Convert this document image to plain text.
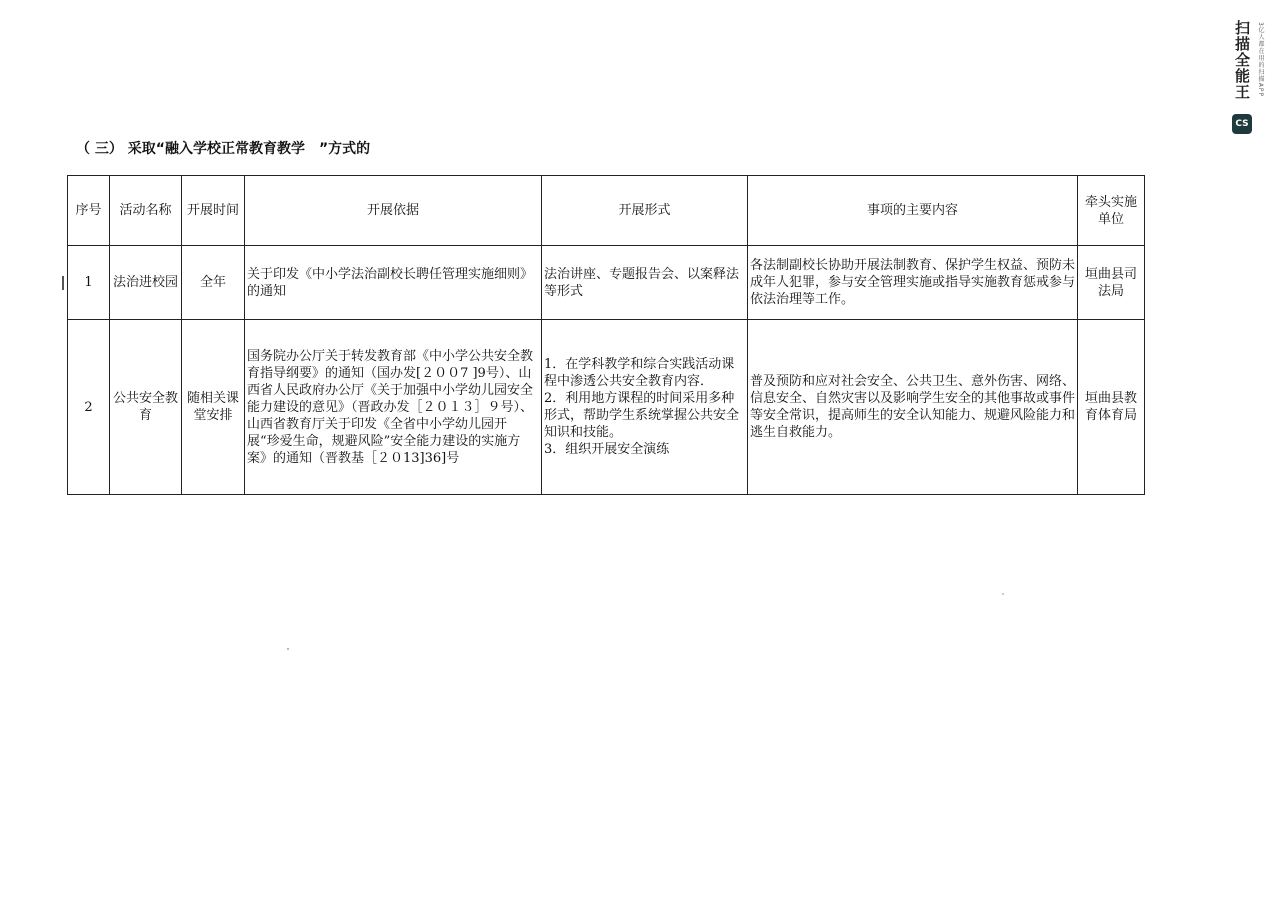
扫描全能王	3亿人都在用的扫描APP
CS
（ 三） 采取“融入学校正常教育教学　”方式的
序号	活动名称	开展时间	开展依据	开展形式	事项的主要内容	牵头实施单位
1	法治进校园	全年	关于印发《中小学法治副校长聘任管理实施细则》的通知	法治讲座、专题报告会、以案释法等形式	各法制副校长协助开展法制教育、保护学生权益、预防未成年人犯罪，参与安全管理实施或指导实施教育惩戒参与依法治理等工作。	垣曲县司法局
2	公共安全教育	随相关课堂安排	国务院办公厅关于转发教育部《中小学公共安全教育指导纲要》的通知（国办发[２００7 ]9号）、山西省人民政府办公厅《关于加强中小学幼儿园安全能力建设的意见》（晋政办发［２０１３］９号）、山西省教育厅关于印发《全省中小学幼儿园开展“珍爱生命，规避风险”安全能力建设的实施方案》的通知（晋教基［２０13]36]号	1．在学科教学和综合实践活动课程中渗透公共安全教育内容．
2．利用地方课程的时间采用多种形式，帮助学生系统掌握公共安全知识和技能。
3．组织开展安全演练	普及预防和应对社会安全、公共卫生、意外伤害、网络、信息安全、自然灾害以及影响学生安全的其他事故或事件等安全常识，提高师生的安全认知能力、规避风险能力和逃生自救能力。	垣曲县教育体育局
